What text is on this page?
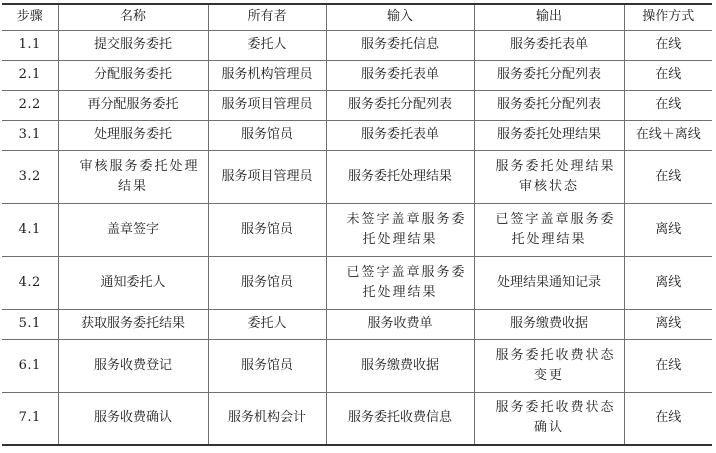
步骤	名称	所有者	输入	输出	操作方式
1.1	提交服务委托	委托人	服务委托信息	服务委托表单	在线
2.1	分配服务委托	服务机构管理员	服务委托表单	服务委托分配列表	在线
2.2	再分配服务委托	服务项目管理员	服务委托分配列表	服务委托分配列表	在线
3.1	处理服务委托	服务馆员	服务委托表单	服务委托处理结果	在线＋离线
3.2	审核服务委托处理结果	服务项目管理员	服务委托处理结果	服务委托处理结果审核状态	在线
4.1	盖章签字	服务馆员	未签字盖章服务委托处理结果	已签字盖章服务委托处理结果	离线
4.2	通知委托人	服务馆员	已签字盖章服务委托处理结果	处理结果通知记录	离线
5.1	获取服务委托结果	委托人	服务收费单	服务缴费收据	离线
6.1	服务收费登记	服务馆员	服务缴费收据	服务委托收费状态变更	在线
7.1	服务收费确认	服务机构会计	服务委托收费信息	服务委托收费状态确认	在线
